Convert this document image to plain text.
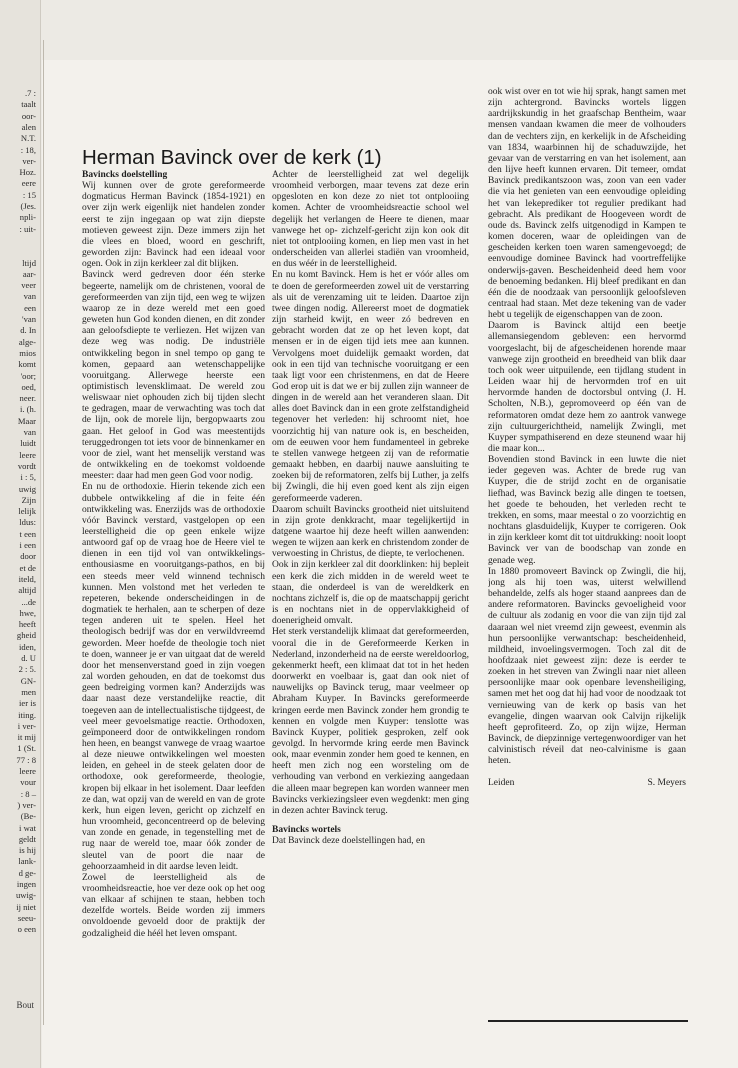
.7 :
taalt
oor-
alen
N.T.
: 18,
ver-
Hoz.
eere
: 15
(Jes.
npli-
: uit-
ltijd
aar-
veer
van
een
'van
d. In
alge-
mios
komt
'oor;
oed,
neer.
i. (h.
Maar
van
luidt
leere
vordt
i : 5,
uwig
Zijn
lelijk
ldus:
t een
i een
door
et de
iteld,
altijd
...de
hwe,
heeft
gheid
iden,
d. U
2 : 5.
GN-
men
ier is
iting.
i ver-
it mij
1 (St.
77 : 8
leere
vour
: 8 –
) ver-
(Be-
i wat
geldt
is hij
lank-
d ge-
ingen
uwig-
ij niet
seeu-
o een
Bout
Herman Bavinck over de kerk (1)
Bavincks doelstelling

Wij kunnen over de grote gereformeerde dogmaticus Herman Bavinck (1854-1921) en over zijn werk eigenlijk niet handelen zonder eerst te zijn ingegaan op wat zijn diepste motieven geweest zijn. Deze immers zijn het die vlees en bloed, woord en geschrift, geworden zijn: Bavinck had een ideaal voor ogen. Ook in zijn kerkleer zal dit blijken.

Bavinck werd gedreven door één sterke begeerte, namelijk om de christenen, vooral de gereformeerden van zijn tijd, een weg te wijzen waarop ze in deze wereld met een goed geweten hun God konden dienen, en dit zonder aan geloofsdiepte te verliezen. Het wijzen van deze weg was nodig. De industriële ontwikkeling begon in snel tempo op gang te komen, gepaard aan wetenschappelijke vooruitgang. Allerwege heerste een optimistisch levensklimaat. De wereld zou weliswaar niet ophouden zich bij tijden slecht te gedragen, maar de verwachting was toch dat de lijn, ook de morele lijn, bergopwaarts zou gaan. Het geloof in God was meestentijds teruggedrongen tot iets voor de binnenkamer en voor de ziel, want het menselijk verstand was de ontwikkeling en de toekomst voldoende meester: daar had men geen God voor nodig.

En nu de orthodoxie. Hierin tekende zich een dubbele ontwikkeling af die in feite één ontwikkeling was. Enerzijds was de orthodoxie vóór Bavinck verstard, vastgelopen op een leerstelligheid die op geen enkele wijze antwoord gaf op de vraag hoe de Heere viel te dienen in een tijd vol van ontwikkelings-enthousiasme en vooruitgangs-pathos, en bij een steeds meer veld winnend technisch kunnen. Men volstond met het verleden te repeteren, bekende onderscheidingen in de dogmatiek te herhalen, aan te scherpen of deze tegen anderen uit te spelen. Heel het theologisch bedrijf was dor en verwildvreemd geworden. Meer hoefde de theologie toch niet te doen, wanneer je er van uitgaat dat de wereld door het mensenverstand goed in zijn voegen zal worden gehouden, en dat de toekomst dus geen bedreiging vormen kan? Anderzijds was daar naast deze verstandelijke reactie, dit toegeven aan de intellectualistische tijdgeest, de veel meer gevoelsmatige reactie. Orthodoxen, geïmponeerd door de ontwikkelingen rondom hen heen, en beangst vanwege de vraag waartoe al deze nieuwe ontwikkelingen wel moesten leiden, en geheel in de steek gelaten door de orthodoxe, ook gereformeerde, theologie, kropen bij elkaar in het isolement. Daar leefden ze dan, wat opzij van de wereld en van de grote kerk, hun eigen leven, gericht op zichzelf en hun vroomheid, geconcentreerd op de beleving van zonde en genade, in tegenstelling met de rug naar de wereld toe, maar óók zonder de sleutel van de poort die naar de gehoorzaamheid in dit aardse leven leidt.

Zowel de leerstelligheid als de vroomheidsreactie, hoe ver deze ook op het oog van elkaar af schijnen te staan, hebben toch dezelfde wortels. Beide worden zij immers onvoldoende gevoeld door de praktijk der godzaligheid die héél het leven omspant.

Achter de leerstelligheid zat wel degelijk vroomheid verborgen, maar tevens zat deze erin opgesloten en kon deze zo niet tot ontplooiing komen. Achter de vroomheidsreactie school wel degelijk het verlangen de Heere te dienen, maar vanwege het op- zichzelf-gericht zijn kon ook dit niet tot ontplooiing komen, en liep men vast in het onderscheiden van allerlei stadiën van vroomheid, en dus wéér in de leerstelligheid.

En nu komt Bavinck. Hem is het er vóór alles om te doen de gereformeerden zowel uit de verstarring als uit de verenzaming uit te leiden. Daartoe zijn twee dingen nodig. Allereerst moet de dogmatiek zijn starheid kwijt, en weer zó bedreven en gebracht worden dat ze op het leven kopt, dat mensen er in de eigen tijd iets mee aan kunnen. Vervolgens moet duidelijk gemaakt worden, dat ook in een tijd van technische vooruitgang er een taak ligt voor een christenmens, en dat de Heere God erop uit is dat we er bij zullen zijn wanneer de dingen in de wereld aan het veranderen slaan. Dit alles doet Bavinck dan in een grote zelfstandigheid tegenover het verleden: hij schroomt niet, hoe voorzichtig hij van nature ook is, en bescheiden, om de eeuwen voor hem fundamenteel in gebreke te stellen vanwege hetgeen zij van de reformatie gemaakt hebben, en daarbij nauwe aansluiting te zoeken bij de reformatoren, zelfs bij Luther, ja zelfs bij Zwingli, die hij even goed kent als zijn eigen gereformeerde vaderen.

Daarom schuilt Bavincks grootheid niet uitsluitend in zijn grote denkkracht, maar tegelijkertijd in datgene waartoe hij deze heeft willen aanwenden: wegen te wijzen aan kerk en christendom zonder de verwoesting in Christus, de diepte, te verlochenen.

Ook in zijn kerkleer zal dit doorklinken: hij bepleit een kerk die zich midden in de wereld weet te staan, die onderdeel is van de wereldkerk en nochtans zichzelf is, die op de maatschappij gericht is en nochtans niet in de oppervlakkigheid of doenerigheid omvalt.

Het sterk verstandelijk klimaat dat gereformeerden, vooral die in de Gereformeerde Kerken in Nederland, inzonderheid na de eerste wereldoorlog, gekenmerkt heeft, een klimaat dat tot in het heden doorwerkt en voelbaar is, gaat dan ook niet of nauwelijks op Bavinck terug, maar veelmeer op Abraham Kuyper. In Bavincks gereformeerde kringen eerde men Bavinck zonder hem grondig te kennen en volgde men Kuyper: tenslotte was Bavinck Kuyper, politiek gesproken, zelf ook gevolgd. In hervormde kring eerde men Bavinck ook, maar evenmin zonder hem goed te kennen, en heeft men zich nog een worsteling om de verhouding van verbond en verkiezing aangedaan die alleen maar begrepen kan worden wanneer men Bavincks verkiezingsleer even wegdenkt: men ging in dezen achter Bavinck terug.

Bavincks wortels

Dat Bavinck deze doelstellingen had, en

ook wist over en tot wie hij sprak, hangt samen met zijn achtergrond. Bavincks wortels liggen aardrijkskundig in het graafschap Bentheim, waar mensen vandaan kwamen die meer de volhouders dan de vechters zijn, en kerkelijk in de Afscheiding van 1834, waarbinnen hij de schaduwzijde, het gevaar van de verstarring en van het isolement, aan den lijve heeft kunnen ervaren. Dit temeer, omdat Bavinck predikantszoon was, zoon van een vader die via het genieten van een eenvoudige opleiding het van lekeprediker tot regulier predikant had gebracht. Als predikant de Hoogeveen wordt de oude ds. Bavinck zelfs uitgenodigd in Kampen te komen doceren, waar de opleidingen van de gescheiden kerken toen waren samengevoegd; de eenvoudige dominee Bavinck had voortreffelijke onderwijs-gaven. Bescheidenheid deed hem voor de benoeming bedanken. Hij bleef predikant en dan één die de noodzaak van persoonlijk geloofsleven centraal had staan. Met deze tekening van de vader hebt u tegelijk de eigenschappen van de zoon.

Daarom is Bavinck altijd een beetje allemansiegendom gebleven: een hervormd voorgeslacht, bij de afgescheidenen horende maar vanwege zijn grootheid en breedheid van blik daar toch ook weer uitpuilende, een tijdlang student in Leiden waar hij de hervormden trof en uit hervormde handen de doctorsbul ontving (J. H. Scholten, N.B.), gepromoveerd op één van de reformatoren omdat deze hem zo aantrok vanwege zijn cultuurgerichtheid, namelijk Zwingli, met Kuyper sympathiserend en deze steunend waar hij die maar kon...

Bovendien stond Bavinck in een luwte die niet ieder gegeven was. Achter de brede rug van Kuyper, die de strijd zocht en de organisatie liefhad, was Bavinck bezig alle dingen te toetsen, het goede te behouden, het verleden recht te trekken, en soms, maar meestal o zo voorzichtig en nochtans glasduidelijk, Kuyper te corrigeren. Ook in zijn kerkleer komt dit tot uitdrukking: nooit loopt Bavinck ver van de boodschap van zonde en genade weg.

In 1880 promoveert Bavinck op Zwingli, die hij, jong als hij toen was, uiterst welwillend behandelde, zelfs als hoger staand aanprees dan de andere reformatoren. Bavincks gevoeligheid voor de cultuur als zodanig en voor die van zijn tijd zal daaraan wel niet vreemd zijn geweest, evenmin als hun persoonlijke verwantschap: bescheidenheid, mildheid, invoelingsvermogen. Toch zal dit de hoofdzaak niet geweest zijn: deze is eerder te zoeken in het streven van Zwingli naar niet alleen persoonlijke maar ook openbare levensheiliging, samen met het oog dat hij had voor de noodzaak tot vernieuwing van de kerk op basis van het evangelie, dingen waarvan ook Calvijn rijkelijk heeft geprofiteerd. Zo, op zijn wijze, Herman Bavinck, de diepzinnige vertegenwoordiger van het calvinistisch réveil dat neo-calvinisme is gaan heten.

Leiden	S. Meyers
